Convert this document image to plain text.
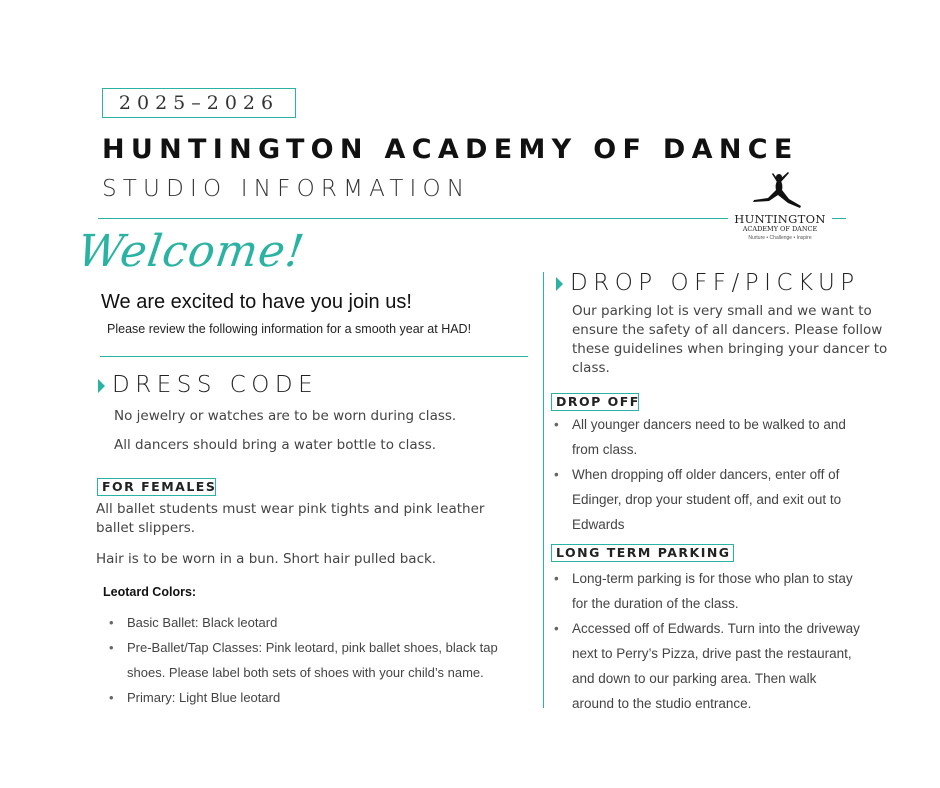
2025–2026
HUNTINGTON ACADEMY OF DANCE
STUDIO INFORMATION
HUNTINGTON
ACADEMY OF DANCE
Nurture • Challenge • Inspire
Welcome!
We are excited to have you join us!
Please review the following information for a smooth year at HAD!
DRESS CODE
No jewelry or watches are to be worn during class.
All dancers should bring a water bottle to class.
FOR FEMALES
All ballet students must wear pink tights and pink leather ballet slippers.
Hair is to be worn in a bun. Short hair pulled back.
Leotard Colors:
• Basic Ballet: Black leotard
• Pre-Ballet/Tap Classes: Pink leotard, pink ballet shoes, black tap shoes. Please label both sets of shoes with your child’s name.
• Primary: Light Blue leotard
DROP OFF/PICKUP
Our parking lot is very small and we want to ensure the safety of all dancers. Please follow these guidelines when bringing your dancer to class.
DROP OFF
• All younger dancers need to be walked to and from class.
• When dropping off older dancers, enter off of Edinger, drop your student off, and exit out to Edwards
LONG TERM PARKING
• Long-term parking is for those who plan to stay for the duration of the class.
• Accessed off of Edwards. Turn into the driveway next to Perry’s Pizza, drive past the restaurant, and down to our parking area. Then walk around to the studio entrance.
